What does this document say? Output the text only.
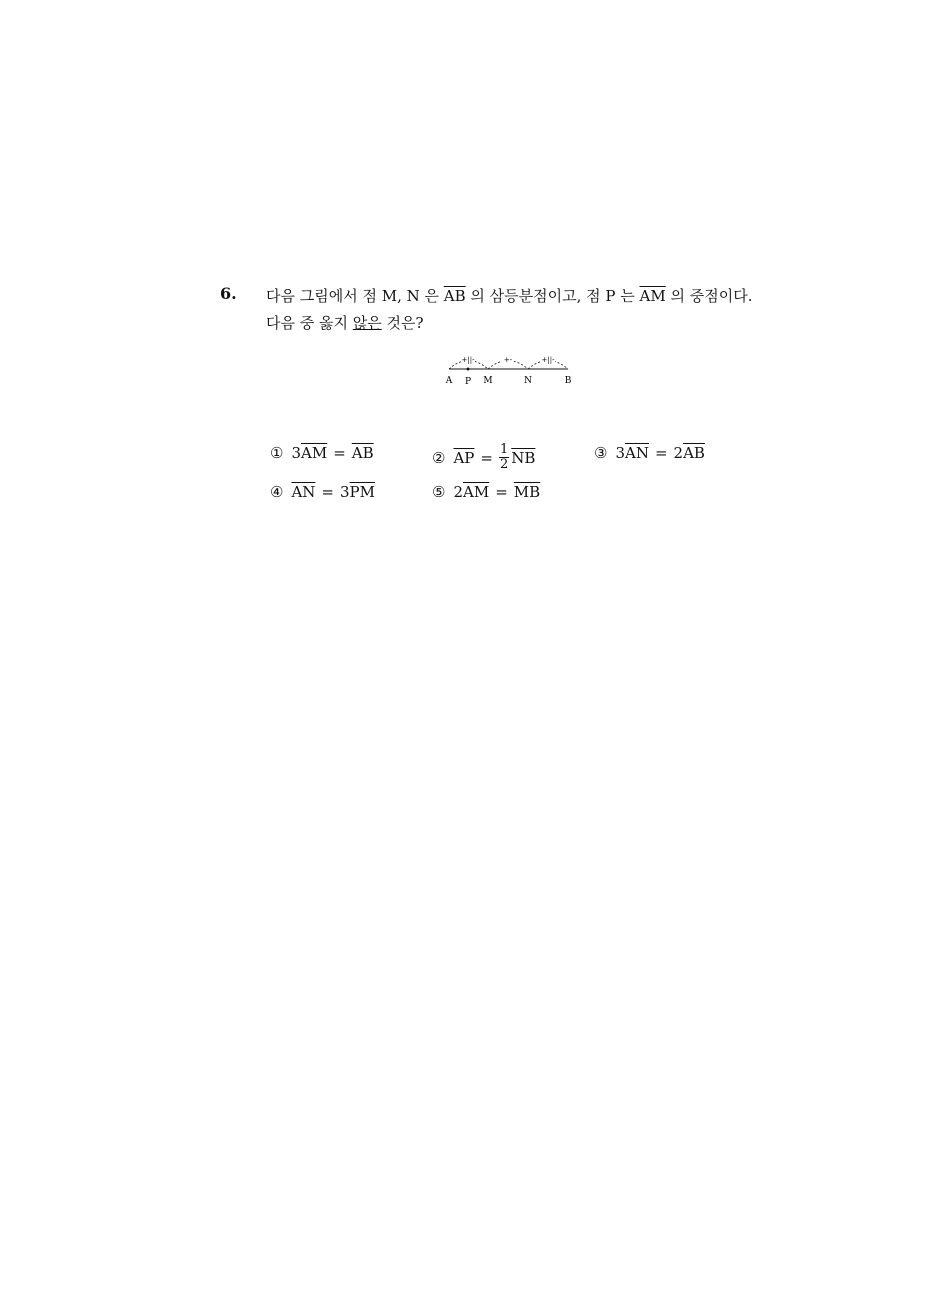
6. 다음 그림에서 점 M, N 은 $\overline{AB}$ 의 삼등분점이고, 점 P 는 $\overline{AM}$ 의 중점이다.
다음 중 옳지 않은 것은?
+||-	+-	+||-
A P M	N	B
① 3 $\overline{AM} = \overline{AB}$	② $\overline{AP} = \frac{1}{2} \overline{NB}$	③ 3 $\overline{AN} = 2$ $\overline{AB}$
④ $\overline{AN} = 3$ $\overline{PM}$	⑤ 2 $\overline{AM} = \overline{MB}$
